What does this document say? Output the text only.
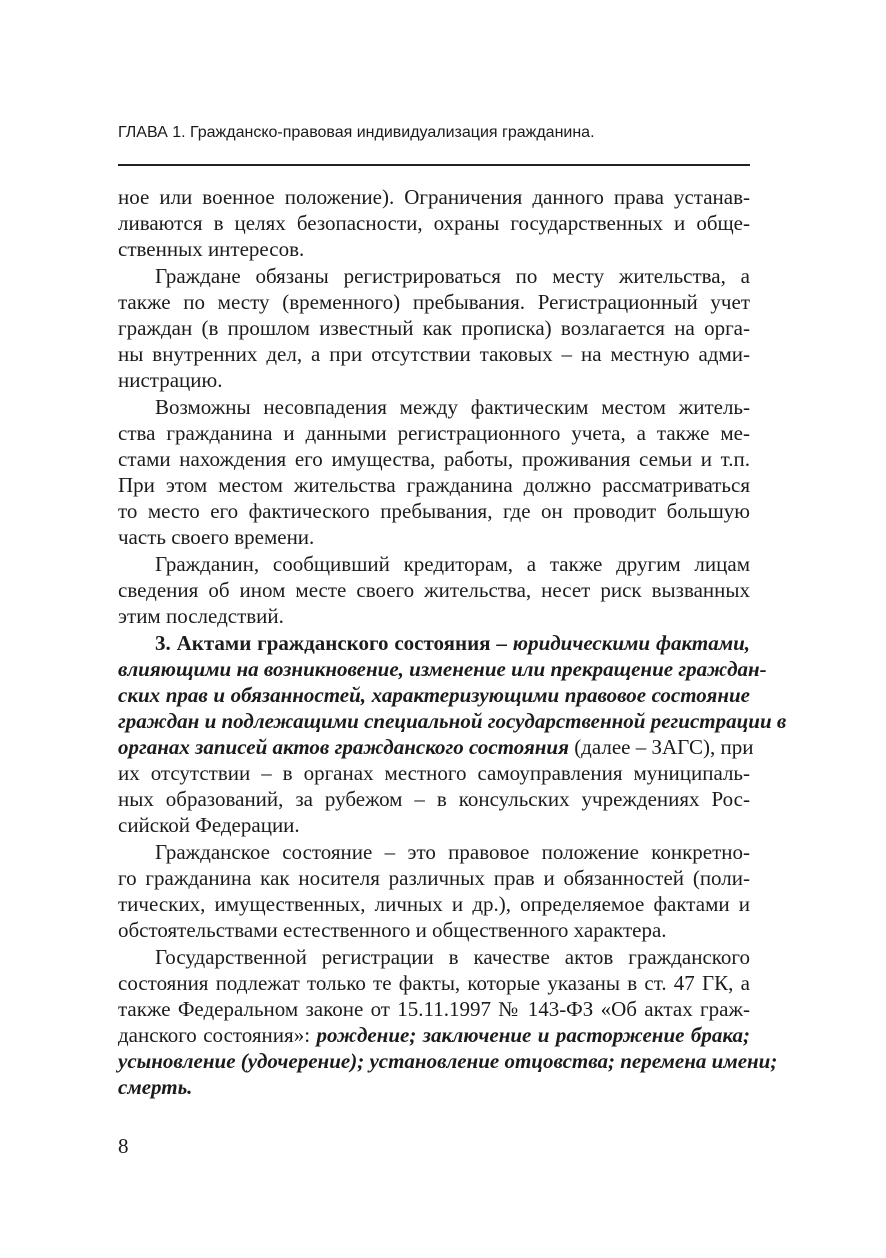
ГЛАВА 1. Гражданско-правовая индивидуализация гражданина.
ное или военное положение). Ограничения данного права устанав-
ливаются в целях безопасности, охраны государственных и обще-
ственных интересов.
Граждане обязаны регистрироваться по месту жительства, а
также по месту (временного) пребывания. Регистрационный учет
граждан (в прошлом известный как прописка) возлагается на орга-
ны внутренних дел, а при отсутствии таковых – на местную адми-
нистрацию.
Возможны несовпадения между фактическим местом житель-
ства гражданина и данными регистрационного учета, а также ме-
стами нахождения его имущества, работы, проживания семьи и т.п.
При этом местом жительства гражданина должно рассматриваться
то место его фактического пребывания, где он проводит большую
часть своего времени.
Гражданин, сообщивший кредиторам, а также другим лицам
сведения об ином месте своего жительства, несет риск вызванных
этим последствий.
3. Актами гражданского состояния – юридическими фактами,
влияющими на возникновение, изменение или прекращение граждан-
ских прав и обязанностей, характеризующими правовое состояние
граждан и подлежащими специальной государственной регистрации в
органах записей актов гражданского состояния (далее – ЗАГС), при
их отсутствии – в органах местного самоуправления муниципаль-
ных образований, за рубежом – в консульских учреждениях Рос-
сийской Федерации.
Гражданское состояние – это правовое положение конкретно-
го гражданина как носителя различных прав и обязанностей (поли-
тических, имущественных, личных и др.), определяемое фактами и
обстоятельствами естественного и общественного характера.
Государственной регистрации в качестве актов гражданского
состояния подлежат только те факты, которые указаны в ст. 47 ГК, а
также Федеральном законе от 15.11.1997 № 143-ФЗ «Об актах граж-
данского состояния»: рождение; заключение и расторжение брака;
усыновление (удочерение); установление отцовства; перемена имени;
смерть.
8
